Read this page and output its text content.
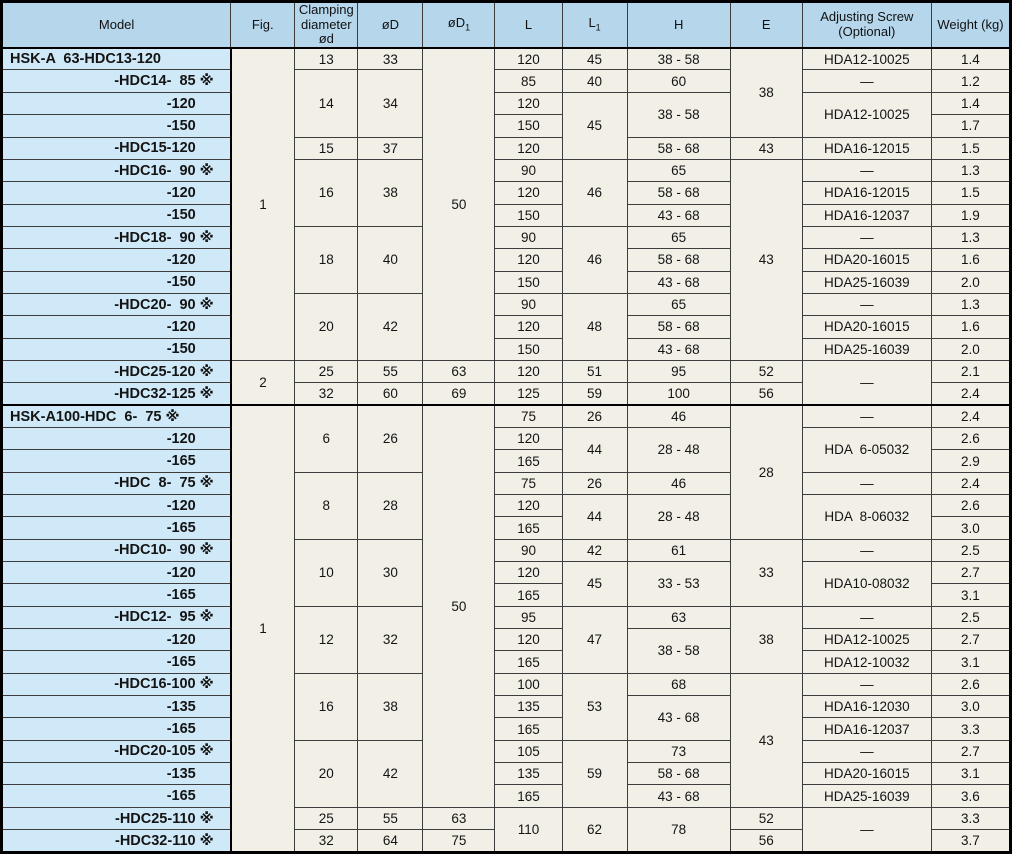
Model	Fig.	Clamping diameter ød	øD	$øD_1$	L	$L_1$	H	E	Adjusting Screw (Optional)	Weight (kg)
HSK-A  63-HDC13-120	1	13	33	50	120	45	38 - 58	38	HDA12-10025	1.4
-HDC14-  85 ※		14	34		85	40	60		—	1.2
-120					120	45	38 - 58		HDA12-10025	1.4
-150					150					1.7
-HDC15-120		15	37		120		58 - 68	43	HDA16-12015	1.5
-HDC16-  90 ※		16	38		90	46	65	43	—	1.3
-120					120		58 - 68		HDA16-12015	1.5
-150					150		43 - 68		HDA16-12037	1.9
-HDC18-  90 ※		18	40		90	46	65		—	1.3
-120					120		58 - 68		HDA20-16015	1.6
-150					150		43 - 68		HDA25-16039	2.0
-HDC20-  90 ※		20	42		90	48	65		—	1.3
-120					120		58 - 68		HDA20-16015	1.6
-150					150		43 - 68		HDA25-16039	2.0
-HDC25-120 ※	2	25	55	63	120	51	95	52	—	2.1
-HDC32-125 ※		32	60	69	125	59	100	56		2.4
HSK-A100-HDC  6-  75 ※	1	6	26	50	75	26	46	28	—	2.4
-120					120	44	28 - 48		HDA  6-05032	2.6
-165					165					2.9
-HDC  8-  75 ※		8	28		75	26	46		—	2.4
-120					120	44	28 - 48		HDA  8-06032	2.6
-165					165					3.0
-HDC10-  90 ※		10	30		90	42	61	33	—	2.5
-120					120	45	33 - 53		HDA10-08032	2.7
-165					165					3.1
-HDC12-  95 ※		12	32		95	47	63	38	—	2.5
-120					120		38 - 58		HDA12-10025	2.7
-165					165				HDA12-10032	3.1
-HDC16-100 ※		16	38		100	53	68	43	—	2.6
-135					135		43 - 68		HDA16-12030	3.0
-165					165				HDA16-12037	3.3
-HDC20-105 ※		20	42		105	59	73		—	2.7
-135					135		58 - 68		HDA20-16015	3.1
-165					165		43 - 68		HDA25-16039	3.6
-HDC25-110 ※		25	55	63	110	62	78	52	—	3.3
-HDC32-110 ※		32	64	75				56		3.7
